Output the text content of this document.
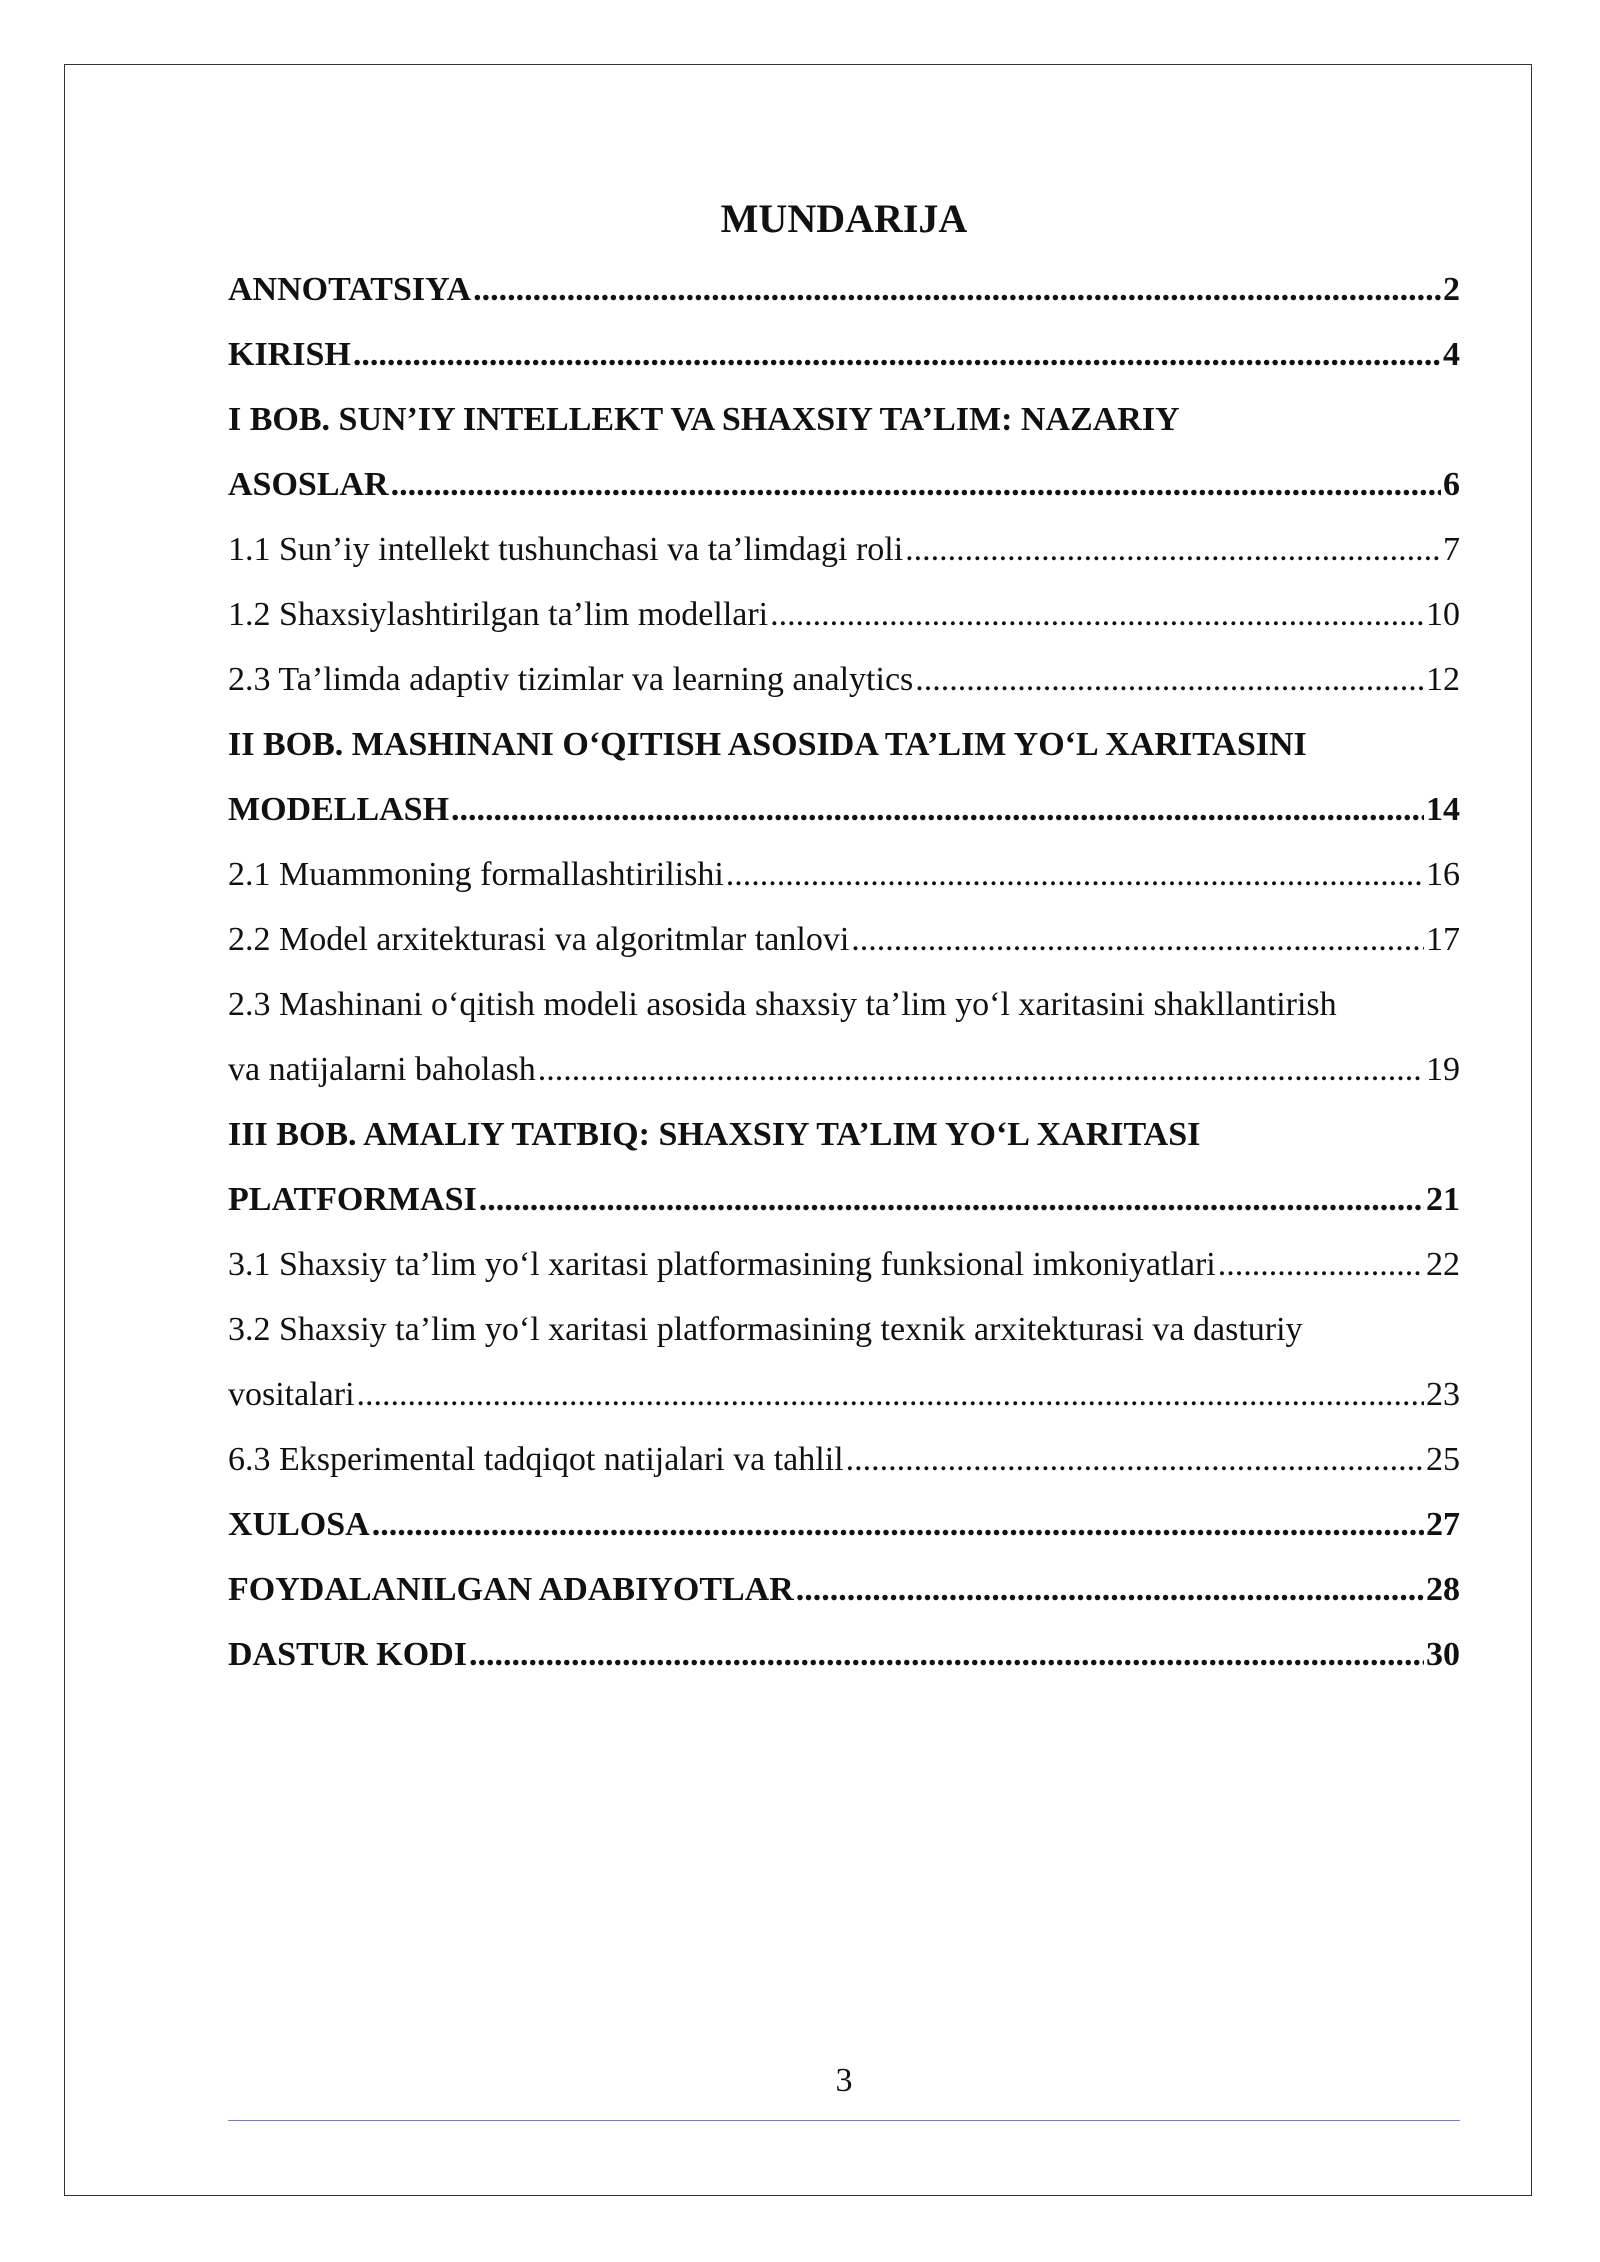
MUNDARIJA
ANNOTATSIYA .....	2
KIRISH .....	4
I BOB. SUN’IY INTELLEKT VA SHAXSIY TA’LIM: NAZARIY
ASOSLAR .....	6
1.1 Sun’iy intellekt tushunchasi va ta’limdagi roli .....	7
1.2 Shaxsiylashtirilgan ta’lim modellari .....	10
2.3 Ta’limda adaptiv tizimlar va learning analytics .....	12
II BOB. MASHINANI O‘QITISH ASOSIDA TA’LIM YO‘L XARITASINI
MODELLASH .....	14
2.1 Muammoning formallashtirilishi .....	16
2.2 Model arxitekturasi va algoritmlar tanlovi .....	17
2.3 Mashinani o‘qitish modeli asosida shaxsiy ta’lim yo‘l xaritasini shakllantirish
va natijalarni baholash .....	19
III BOB. AMALIY TATBIQ: SHAXSIY TA’LIM YO‘L XARITASI
PLATFORMASI .....	21
3.1 Shaxsiy ta’lim yo‘l xaritasi platformasining funksional imkoniyatlari .....	22
3.2 Shaxsiy ta’lim yo‘l xaritasi platformasining texnik arxitekturasi va dasturiy
vositalari .....	23
6.3 Eksperimental tadqiqot natijalari va tahlil .....	25
XULOSA .....	27
FOYDALANILGAN ADABIYOTLAR .....	28
DASTUR KODI .....	30
3
